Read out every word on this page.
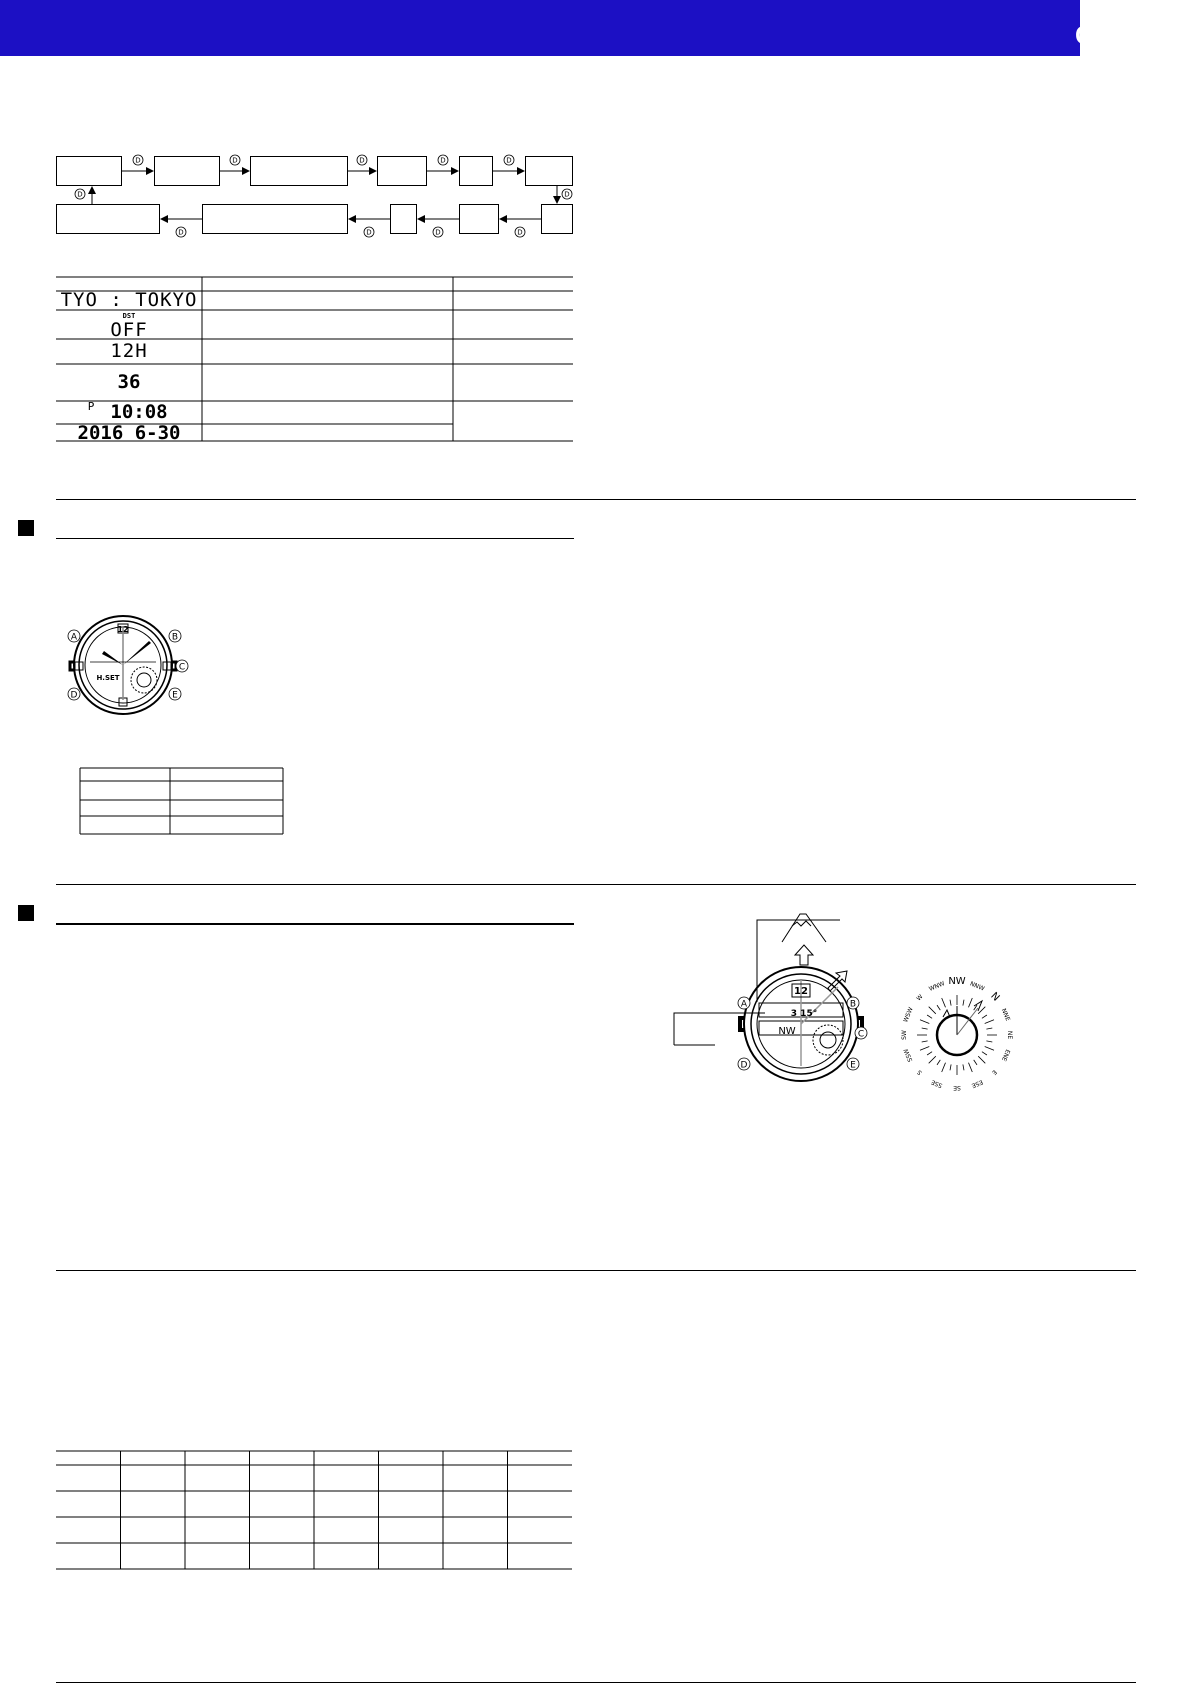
CASIO®
D	D	D	D	D
D
D
D
D
D
D
TYO : TOKYO
DST
OFF
12H
36
P 10:08
2016 6-30
A	B
C
D	E
12
H.SET
12
3 15°
NW
A	B
C
D	E
N
NNE
NE
ENE
E
ESE
SE
SSE
S
SSW
SW
WSW
W
WNW NW NNW
